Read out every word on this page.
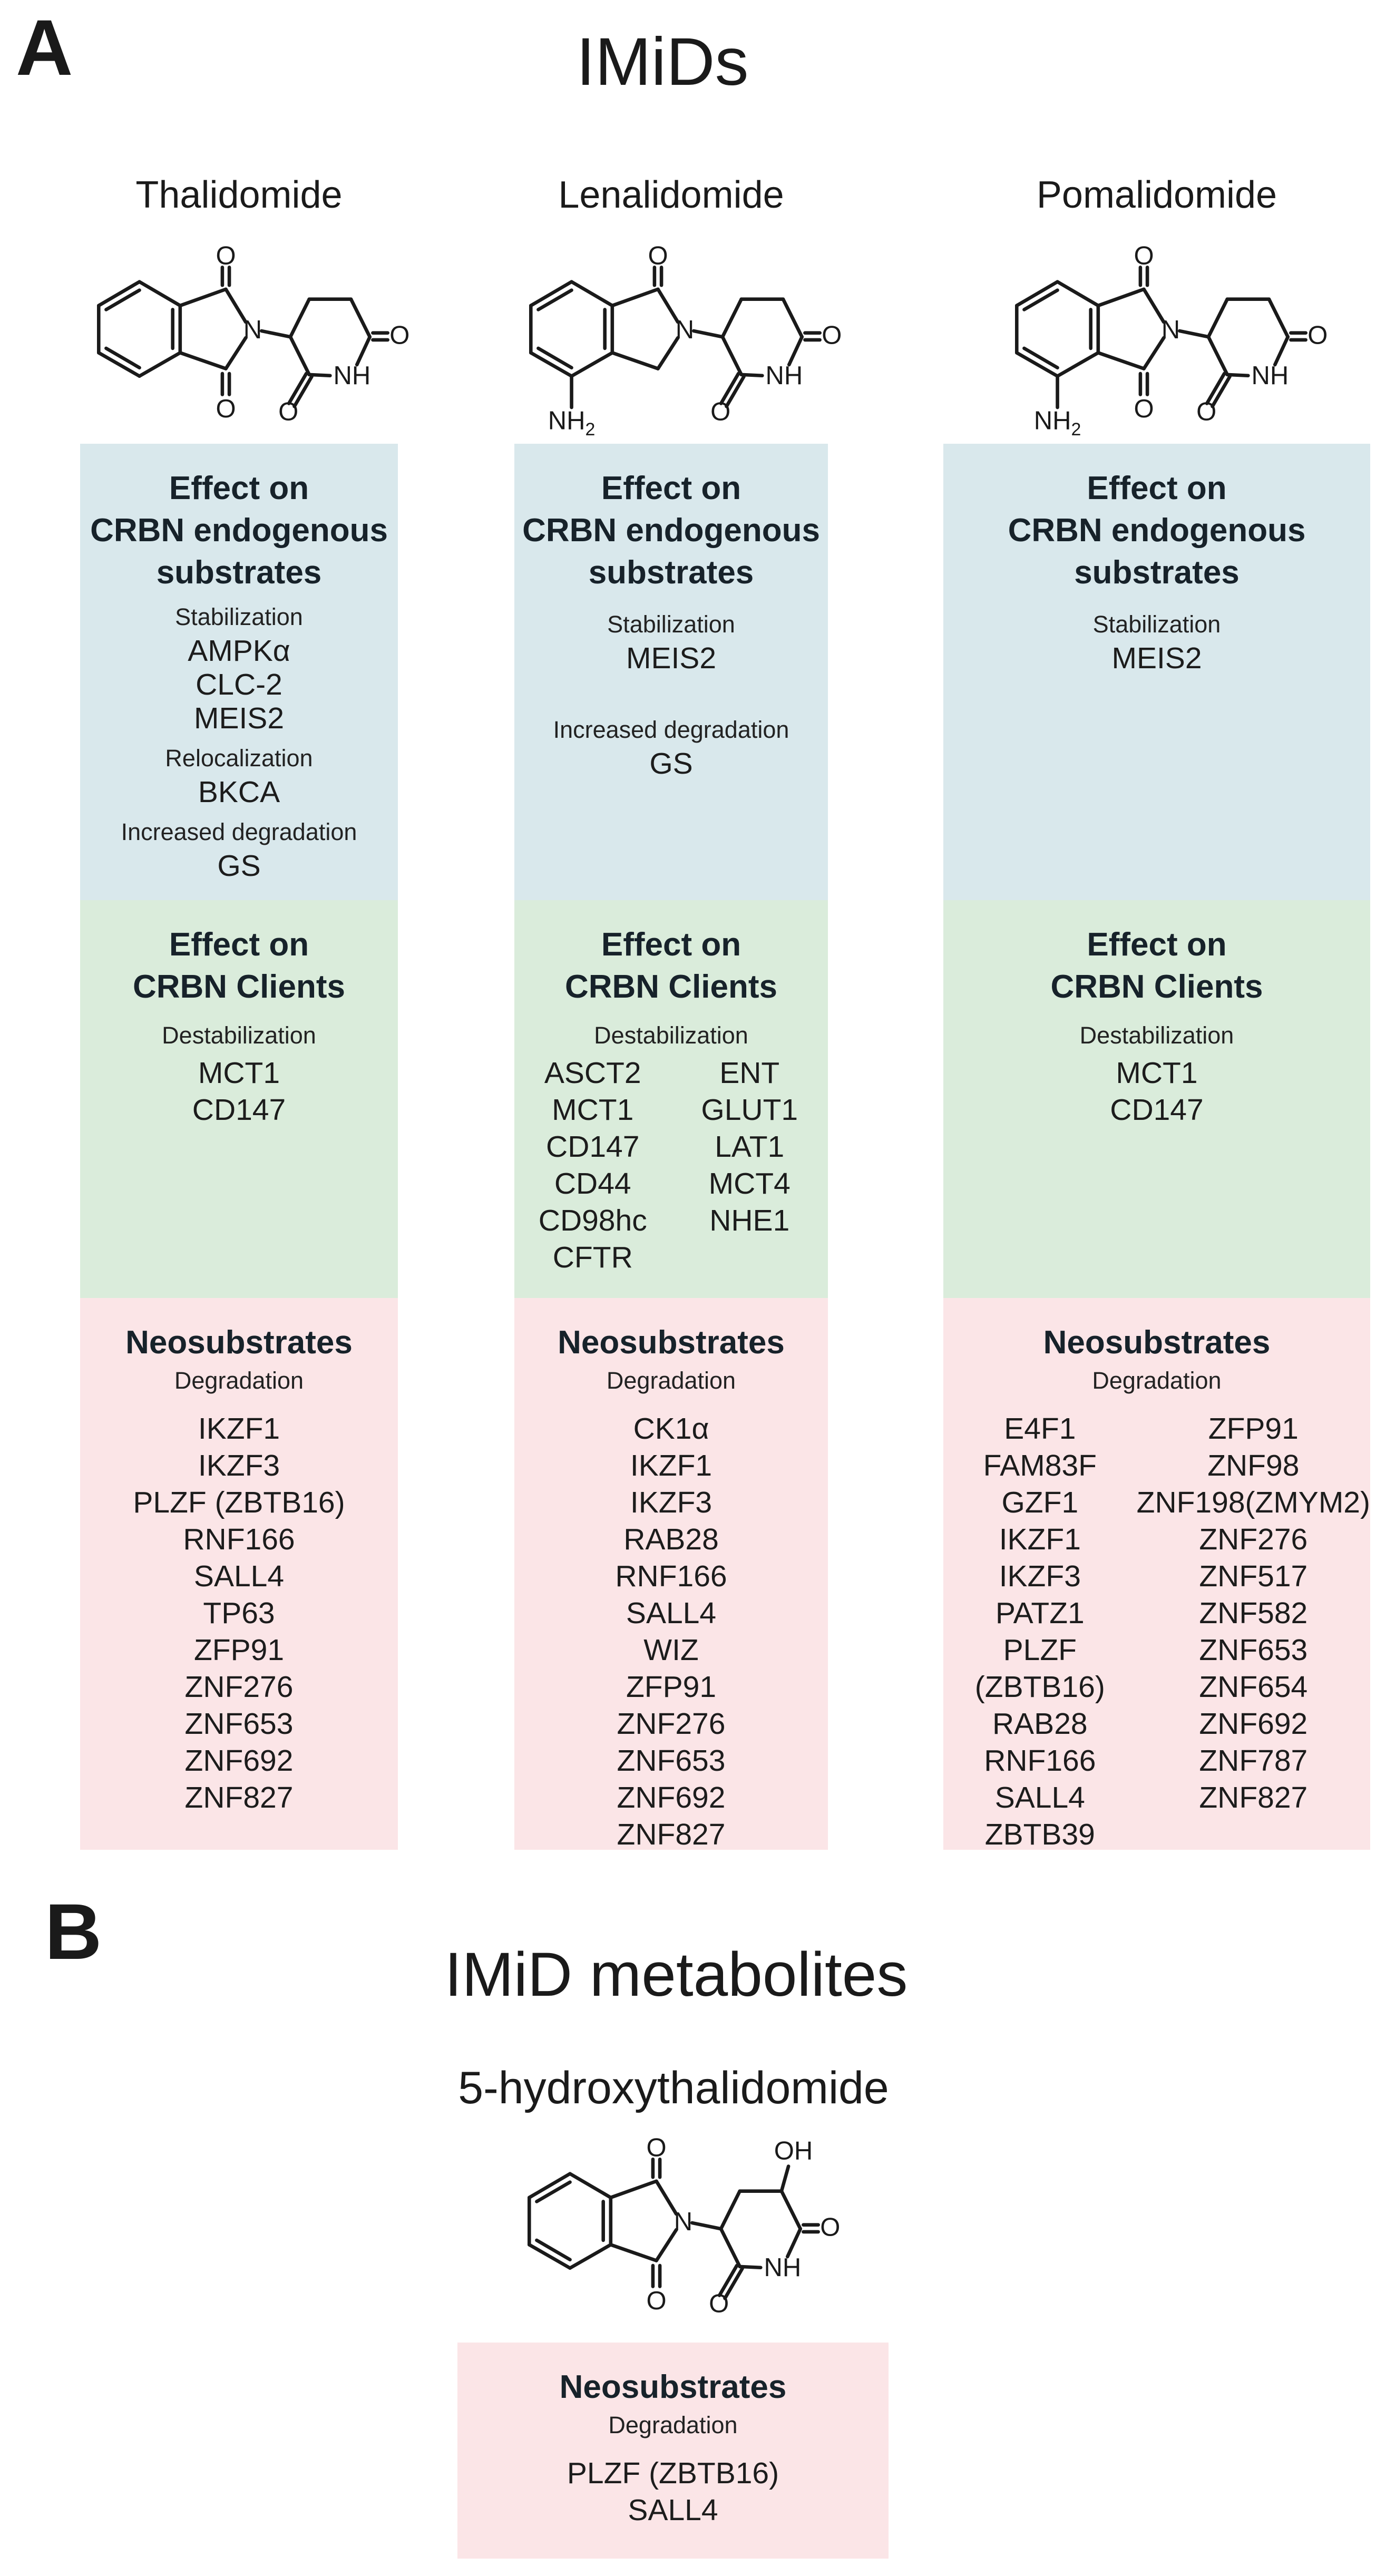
A	IMiDs
Thalidomide	Lenalidomide	Pomalidomide
O
N
NH
O
O
O
O
N
NH
O
O
$NH_2$
O
N
NH
O
O
O
$NH_2$
Effect on
CRBN endogenous
substrates
Stabilization
AMPKα
CLC-2
MEIS2
Relocalization
BKCA
Increased degradation
GS
Effect on
CRBN Clients
Destabilization
MCT1
CD147
Neosubstrates
Degradation
IKZF1
IKZF3
PLZF (ZBTB16)
RNF166
SALL4
TP63
ZFP91
ZNF276
ZNF653
ZNF692
ZNF827
Effect on
CRBN endogenous
substrates
Stabilization
MEIS2
Increased degradation
GS
Effect on
CRBN Clients
Destabilization
ASCT2
MCT1
CD147
CD44
CD98hc
CFTR
ENT
GLUT1
LAT1
MCT4
NHE1
Neosubstrates
Degradation
CK1α
IKZF1
IKZF3
RAB28
RNF166
SALL4
WIZ
ZFP91
ZNF276
ZNF653
ZNF692
ZNF827
Effect on
CRBN endogenous
substrates
Stabilization
MEIS2
Effect on
CRBN Clients
Destabilization
MCT1
CD147
Neosubstrates
Degradation
E4F1
FAM83F
GZF1
IKZF1
IKZF3
PATZ1
PLZF (ZBTB16)
RAB28
RNF166
SALL4
ZBTB39
ZFP91
ZNF98
ZNF198(ZMYM2)
ZNF276
ZNF517
ZNF582
ZNF653
ZNF654
ZNF692
ZNF787
ZNF827
B	IMiD metabolites
5-hydroxythalidomide
O
N
NH
O
O
O
OH
Neosubstrates
Degradation
PLZF (ZBTB16)
SALL4
